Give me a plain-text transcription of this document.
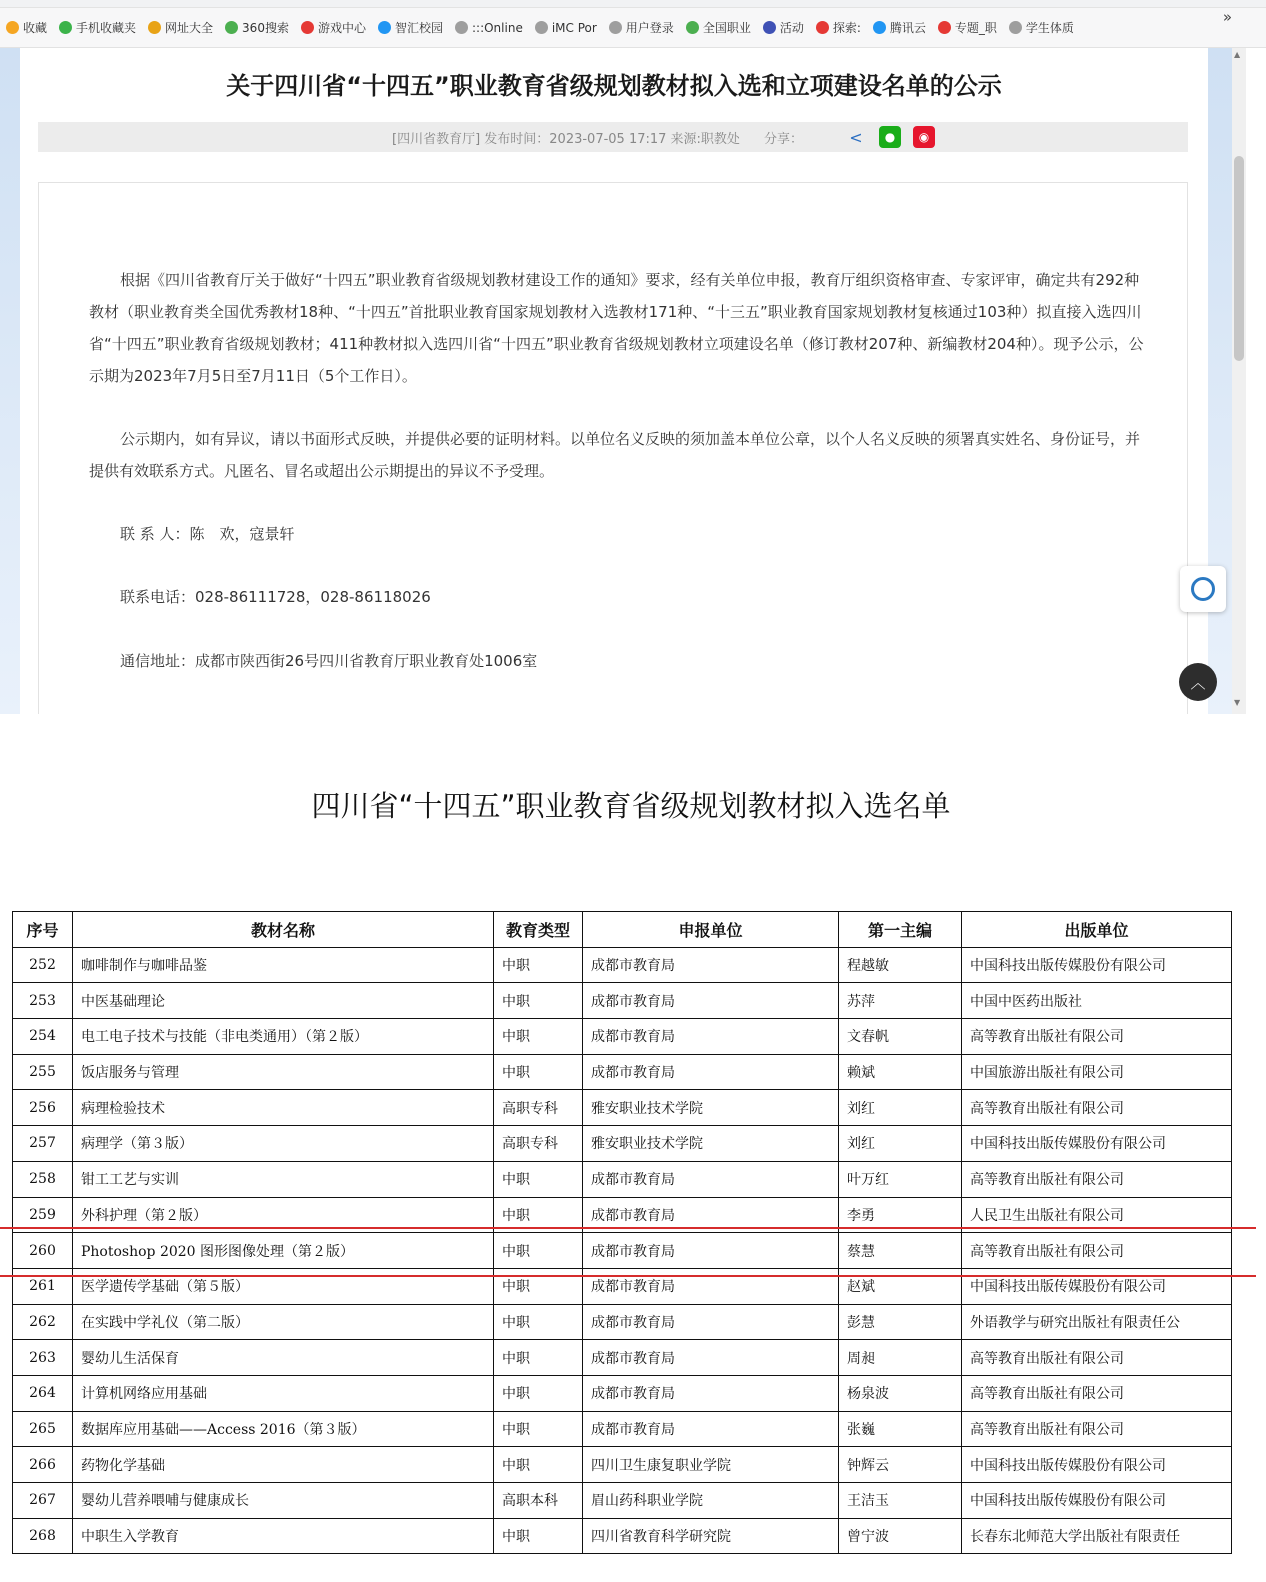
收藏 手机收藏夹 网址大全 360搜索 游戏中心 智汇校园 :::Online iMC Por 用户登录 全国职业 活动 探索: 腾讯云 专题_职 学生体质
»
关于四川省“十四五”职业教育省级规划教材拟入选和立项建设名单的公示
[四川省教育厅] 发布时间：2023-07-05 17:17 来源:职教处 分享：	<	●	◉

根据《四川省教育厅关于做好“十四五”职业教育省级规划教材建设工作的通知》要求，经有关单位申报，教育厅组织资格审查、专家评审，确定共有292种教材（职业教育类全国优秀教材18种、“十四五”首批职业教育国家规划教材入选教材171种、“十三五”职业教育国家规划教材复核通过103种）拟直接入选四川省“十四五”职业教育省级规划教材；411种教材拟入选四川省“十四五”职业教育省级规划教材立项建设名单（修订教材207种、新编教材204种）。现予公示，公示期为2023年7月5日至7月11日（5个工作日）。

公示期内，如有异议，请以书面形式反映，并提供必要的证明材料。以单位名义反映的须加盖本单位公章，以个人名义反映的须署真实姓名、身份证号，并提供有效联系方式。凡匿名、冒名或超出公示期提出的异议不予受理。

联 系 人：陈　欢，寇景轩

联系电话：028-86111728，028-86118026

通信地址：成都市陕西街26号四川省教育厅职业教育处1006室

︿
▲
▼
四川省“十四五”职业教育省级规划教材拟入选名单
序号	教材名称	教育类型	申报单位	第一主编	出版单位
252	咖啡制作与咖啡品鉴	中职	成都市教育局	程越敏	中国科技出版传媒股份有限公司
253	中医基础理论	中职	成都市教育局	苏萍	中国中医药出版社
254	电工电子技术与技能（非电类通用）（第２版）	中职	成都市教育局	文春帆	高等教育出版社有限公司
255	饭店服务与管理	中职	成都市教育局	赖斌	中国旅游出版社有限公司
256	病理检验技术	高职专科	雅安职业技术学院	刘红	高等教育出版社有限公司
257	病理学（第３版）	高职专科	雅安职业技术学院	刘红	中国科技出版传媒股份有限公司
258	钳工工艺与实训	中职	成都市教育局	叶万红	高等教育出版社有限公司
259	外科护理（第２版）	中职	成都市教育局	李勇	人民卫生出版社有限公司
260	Photoshop 2020 图形图像处理（第２版）	中职	成都市教育局	蔡慧	高等教育出版社有限公司
261	医学遗传学基础（第５版）	中职	成都市教育局	赵斌	中国科技出版传媒股份有限公司
262	在实践中学礼仪（第二版）	中职	成都市教育局	彭慧	外语教学与研究出版社有限责任公
263	婴幼儿生活保育	中职	成都市教育局	周昶	高等教育出版社有限公司
264	计算机网络应用基础	中职	成都市教育局	杨泉波	高等教育出版社有限公司
265	数据库应用基础——Access 2016（第３版）	中职	成都市教育局	张巍	高等教育出版社有限公司
266	药物化学基础	中职	四川卫生康复职业学院	钟辉云	中国科技出版传媒股份有限公司
267	婴幼儿营养喂哺与健康成长	高职本科	眉山药科职业学院	王洁玉	中国科技出版传媒股份有限公司
268	中职生入学教育	中职	四川省教育科学研究院	曾宁波	长春东北师范大学出版社有限责任
